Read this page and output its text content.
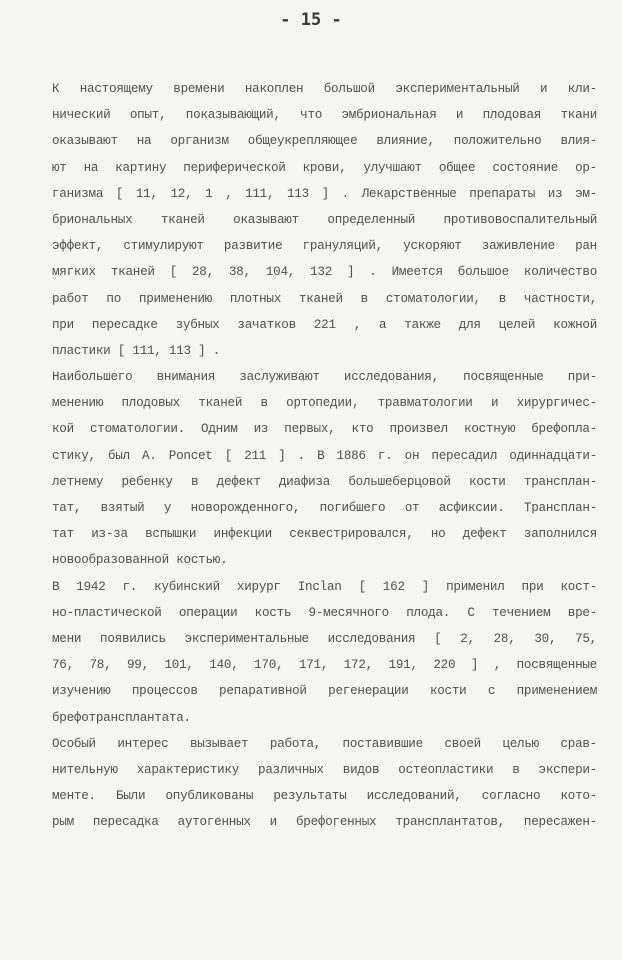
- 15 -
К настоящему времени накоплен большой экспериментальный и кли-
нический опыт, показывающий, что эмбриональная и плодовая ткани
оказывают на организм общеукрепляющее влияние, положительно влия-
ют на картину периферической крови, улучшают общее состояние ор-
ганизма [ 11, 12, 1 , 111, 113 ] . Лекарственные препараты из эм-
бриональных тканей оказывают определенный противовоспалительный
эффект, стимулируют развитие грануляций, ускоряют заживление ран
мягких тканей [ 28, 38, 104, 132 ] . Имеется большое количество
работ по применению плотных тканей в стоматологии, в частности,
при пересадке зубных зачатков 221 , а также для целей кожной
пластики [ 111, 113 ] .
Наибольшего внимания заслуживают исследования, посвященные при-
менению плодовых тканей в ортопедии, травматологии и хирургичес-
кой стоматологии. Одним из первых, кто произвел костную брефопла-
стику, был A. Poncet [ 211 ] . В 1886 г. он пересадил одиннадцати-
летнему ребенку в дефект диафиза большеберцовой кости трансплан-
тат, взятый у новорожденного, погибшего от асфиксии. Трансплан-
тат из-за вспышки инфекции секвестрировался, но дефект заполнился
новообразованной костью.
В 1942 г. кубинский хирург Inclan [ 162 ] применил при кост-
но-пластической операции кость 9-месячного плода. С течением вре-
мени появились экспериментальные исследования [ 2, 28, 30, 75,
76, 78, 99, 101, 140, 170, 171, 172, 191, 220 ] , посвященные
изучению процессов репаративной регенерации кости с применением
брефотрансплантата.
Особый интерес вызывает работа, поставившие своей целью срав-
нительную характеристику различных видов остеопластики в экспери-
менте. Были опубликованы результаты исследований, согласно кото-
рым пересадка аутогенных и брефогенных трансплантатов, пересажен-
